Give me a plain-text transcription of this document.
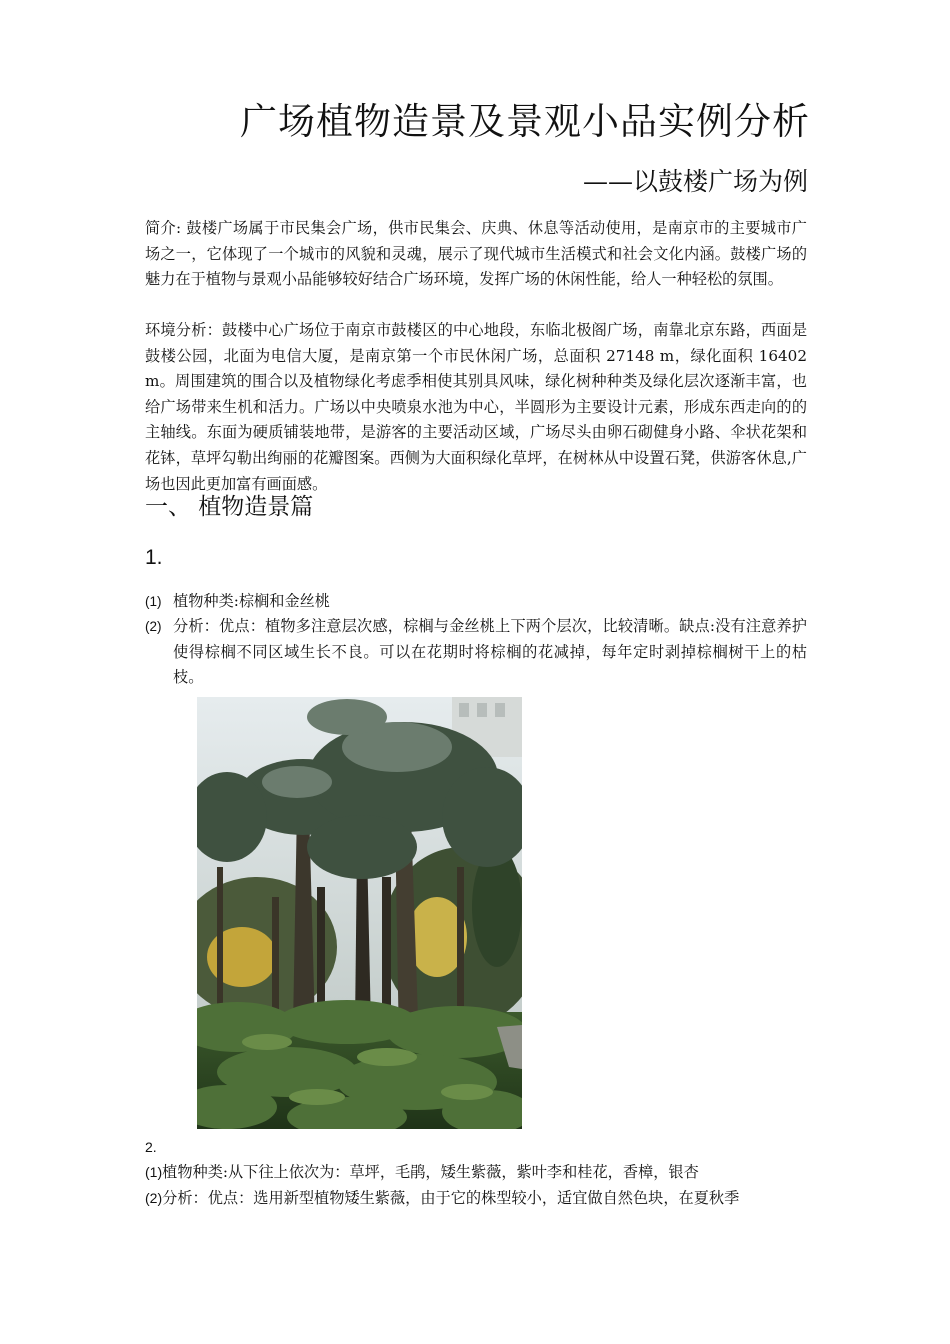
广场植物造景及景观小品实例分析
——以鼓楼广场为例

简介: 鼓楼广场属于市民集会广场，供市民集会、庆典、休息等活动使用，是南京市的主要城市广场之一，它体现了一个城市的风貌和灵魂，展示了现代城市生活模式和社会文化内涵。鼓楼广场的魅力在于植物与景观小品能够较好结合广场环境，发挥广场的休闲性能，给人一种轻松的氛围。

环境分析：鼓楼中心广场位于南京市鼓楼区的中心地段，东临北极阁广场，南靠北京东路，西面是鼓楼公园，北面为电信大厦，是南京第一个市民休闲广场，总面积 27148 m，绿化面积 16402 m。周围建筑的围合以及植物绿化考虑季相使其别具风味，绿化树种种类及绿化层次逐渐丰富，也给广场带来生机和活力。广场以中央喷泉水池为中心，半圆形为主要设计元素，形成东西走向的的主轴线。东面为硬质铺装地带，是游客的主要活动区域，广场尽头由卵石砌健身小路、伞状花架和花钵，草坪勾勒出绚丽的花瓣图案。西侧为大面积绿化草坪，在树林从中设置石凳，供游客休息,广场也因此更加富有画面感。

一、 植物造景篇
1.
(1) 植物种类:棕榈和金丝桃
(2) 分析：优点：植物多注意层次感，棕榈与金丝桃上下两个层次，比较清晰。缺点:没有注意养护使得棕榈不同区域生长不良。可以在花期时将棕榈的花减掉，每年定时剥掉棕榈树干上的枯枝。
2.
(1)植物种类:从下往上依次为：草坪，毛鹃，矮生紫薇，紫叶李和桂花，香樟，银杏
(2)分析：优点：选用新型植物矮生紫薇，由于它的株型较小，适宜做自然色块，在夏秋季
